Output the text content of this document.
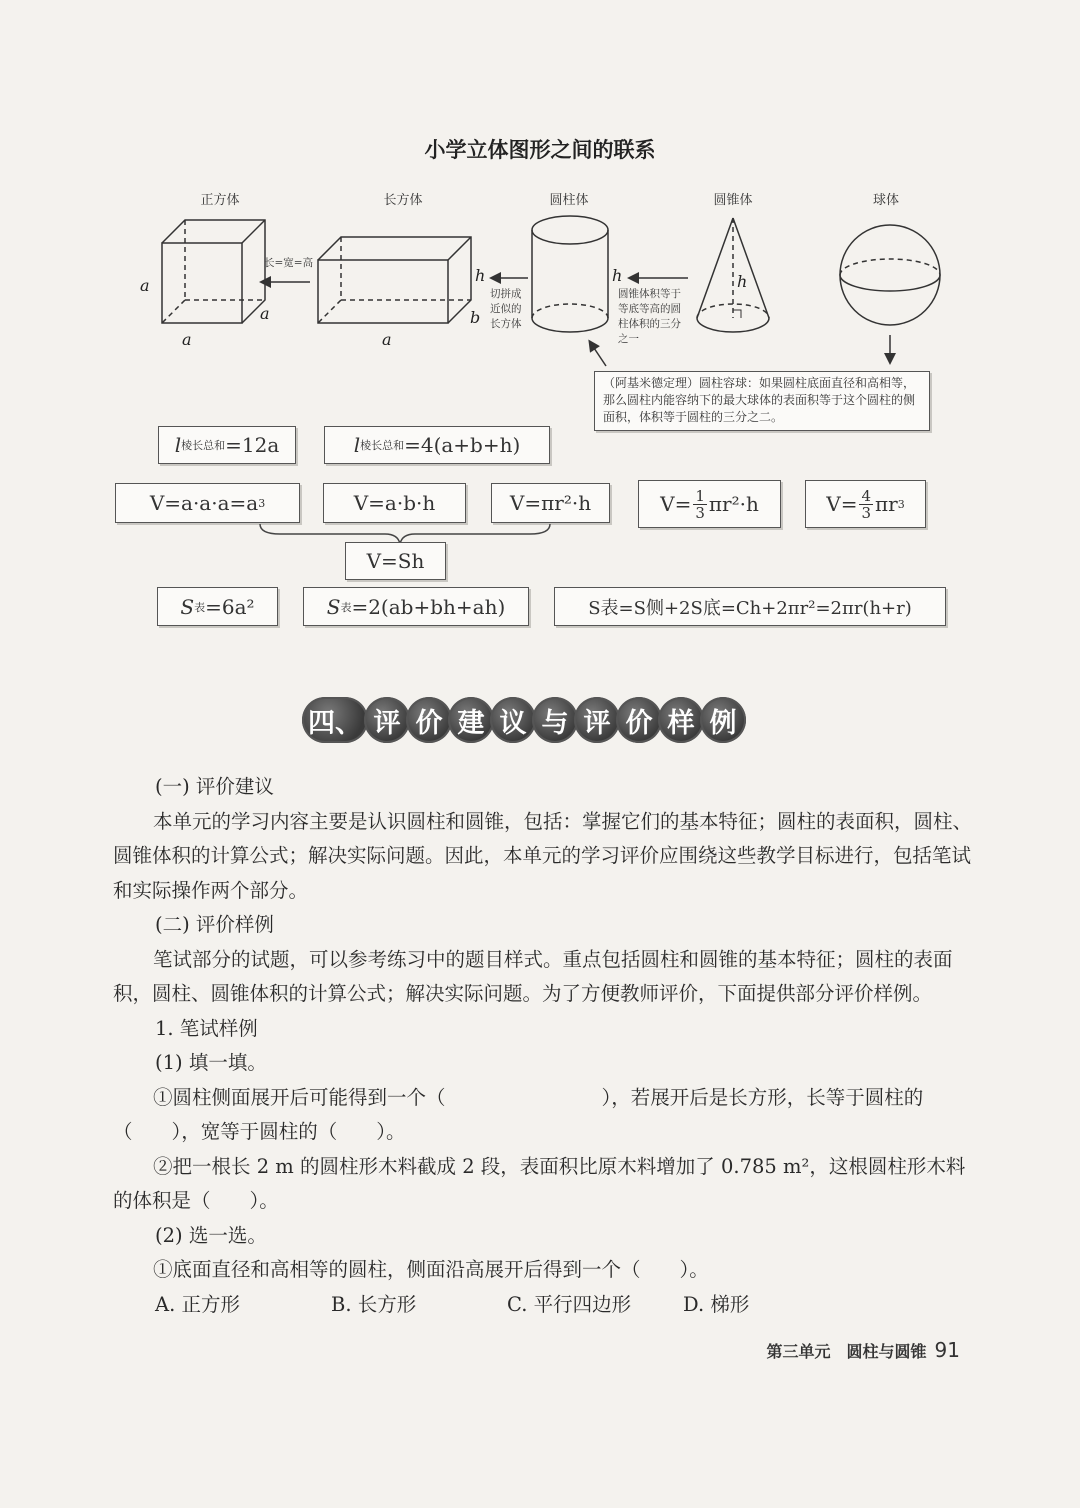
小学立体图形之间的联系
正方体	长方体	圆柱体	圆锥体	球体
a
a
a
a
b
h	h	h
长=宽=高
切拼成
近似的
长方体
圆锥体积等于
等底等高的圆
柱体积的三分
之一
（阿基米德定理）圆柱容球：如果圆柱底面直径和高相等，那么圆柱内能容纳下的最大球体的表面积等于这个圆柱的侧面积，体积等于圆柱的三分之二。
l 棱长总和 =12a	l 棱长总和 =4(a+b+h)
V=a·a·a=a 3	V=a·b·h	V=πr²·h	$V= \frac{1}{3} \pi r^2\cdot h$	$V= \frac{4}{3}$ πr 3
V=Sh
S 表 =6a²	S 表 =2(ab+bh+ah)	S表=S侧+2S底=Ch+2πr²=2πr(h+r)
四、 评 价 建 议 与 评 价 样 例

(一) 评价建议

本单元的学习内容主要是认识圆柱和圆锥，包括：掌握它们的基本特征；圆柱的表面积，圆柱、圆锥体积的计算公式；解决实际问题。因此，本单元的学习评价应围绕这些教学目标进行，包括笔试和实际操作两个部分。

(二) 评价样例

笔试部分的试题，可以参考练习中的题目样式。重点包括圆柱和圆锥的基本特征；圆柱的表面积，圆柱、圆锥体积的计算公式；解决实际问题。为了方便教师评价，下面提供部分评价样例。

1. 笔试样例

(1) 填一填。

①圆柱侧面展开后可能得到一个（　　　　　　　　），若展开后是长方形，长等于圆柱的（　　），宽等于圆柱的（　　）。

②把一根长 2 m 的圆柱形木料截成 2 段，表面积比原木料增加了 0.785 m²，这根圆柱形木料的体积是（　　）。

(2) 选一选。

①底面直径和高相等的圆柱，侧面沿高展开后得到一个（　　）。

A. 正方形	B. 长方形	C. 平行四边形	D. 梯形
第三单元　圆柱与圆锥 91
